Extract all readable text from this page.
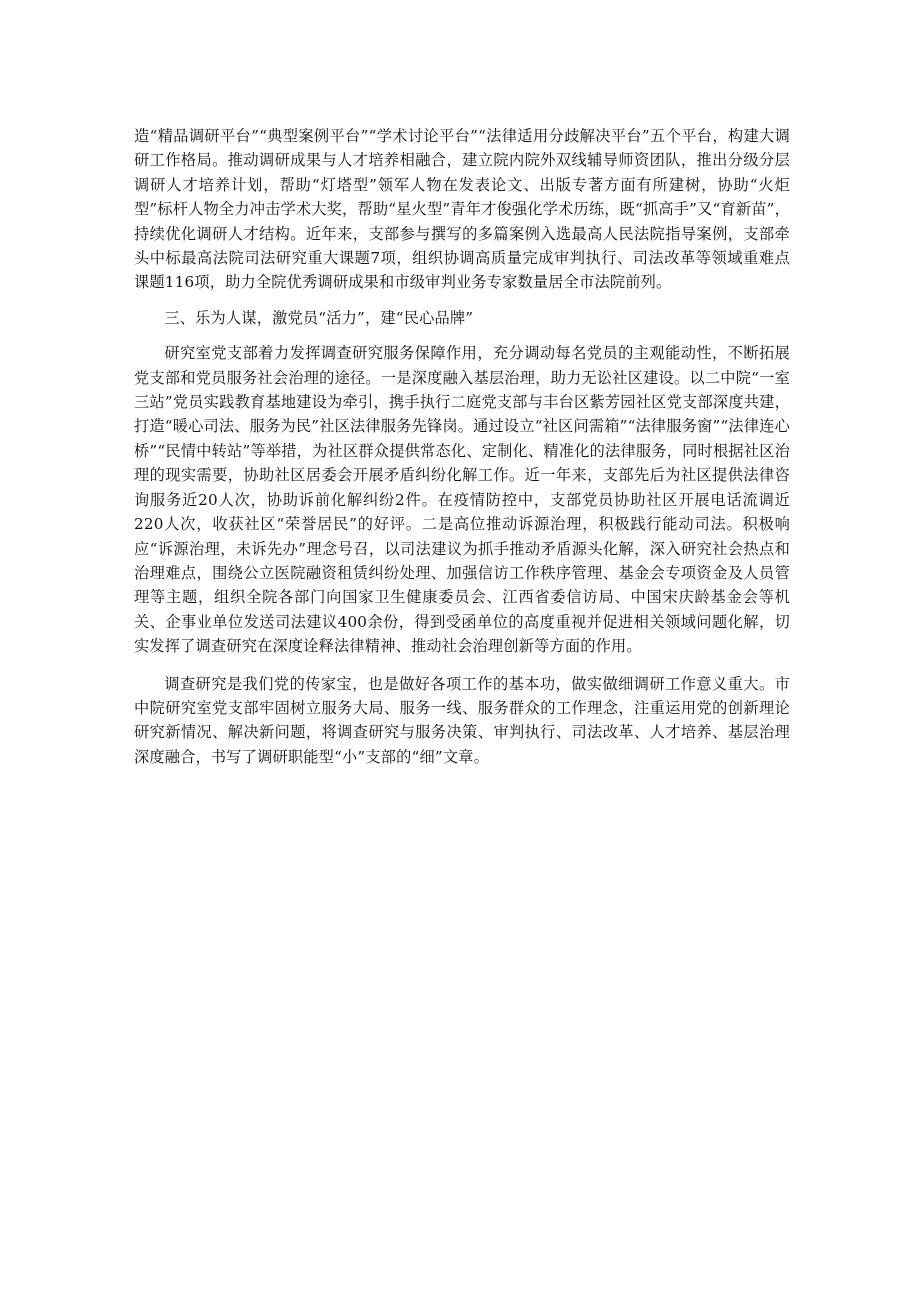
造“精品调研平台”“典型案例平台”“学术讨论平台”“法律适用分歧解决平台”五个平台，构建大调研工作格局。推动调研成果与人才培养相融合，建立院内院外双线辅导师资团队，推出分级分层调研人才培养计划，帮助“灯塔型”领军人物在发表论文、出版专著方面有所建树，协助“火炬型”标杆人物全力冲击学术大奖，帮助“星火型”青年才俊强化学术历练，既“抓高手”又“育新苗”，持续优化调研人才结构。近年来，支部参与撰写的多篇案例入选最高人民法院指导案例，支部牵头中标最高法院司法研究重大课题7项，组织协调高质量完成审判执行、司法改革等领域重难点课题116项，助力全院优秀调研成果和市级审判业务专家数量居全市法院前列。

三、乐为人谋，激党员“活力”，建“民心品牌”

研究室党支部着力发挥调查研究服务保障作用，充分调动每名党员的主观能动性，不断拓展党支部和党员服务社会治理的途径。一是深度融入基层治理，助力无讼社区建设。以二中院“一室三站”党员实践教育基地建设为牵引，携手执行二庭党支部与丰台区紫芳园社区党支部深度共建，打造“暖心司法、服务为民”社区法律服务先锋岗。通过设立“社区问需箱”“法律服务窗”“法律连心桥”“民情中转站”等举措，为社区群众提供常态化、定制化、精准化的法律服务，同时根据社区治理的现实需要，协助社区居委会开展矛盾纠纷化解工作。近一年来，支部先后为社区提供法律咨询服务近20人次，协助诉前化解纠纷2件。在疫情防控中，支部党员协助社区开展电话流调近220人次，收获社区“荣誉居民”的好评。二是高位推动诉源治理，积极践行能动司法。积极响应“诉源治理，未诉先办”理念号召，以司法建议为抓手推动矛盾源头化解，深入研究社会热点和治理难点，围绕公立医院融资租赁纠纷处理、加强信访工作秩序管理、基金会专项资金及人员管理等主题，组织全院各部门向国家卫生健康委员会、江西省委信访局、中国宋庆龄基金会等机关、企事业单位发送司法建议400余份，得到受函单位的高度重视并促进相关领域问题化解，切实发挥了调查研究在深度诠释法律精神、推动社会治理创新等方面的作用。

调查研究是我们党的传家宝，也是做好各项工作的基本功，做实做细调研工作意义重大。市中院研究室党支部牢固树立服务大局、服务一线、服务群众的工作理念，注重运用党的创新理论研究新情况、解决新问题，将调查研究与服务决策、审判执行、司法改革、人才培养、基层治理深度融合，书写了调研职能型“小”支部的“细”文章。
